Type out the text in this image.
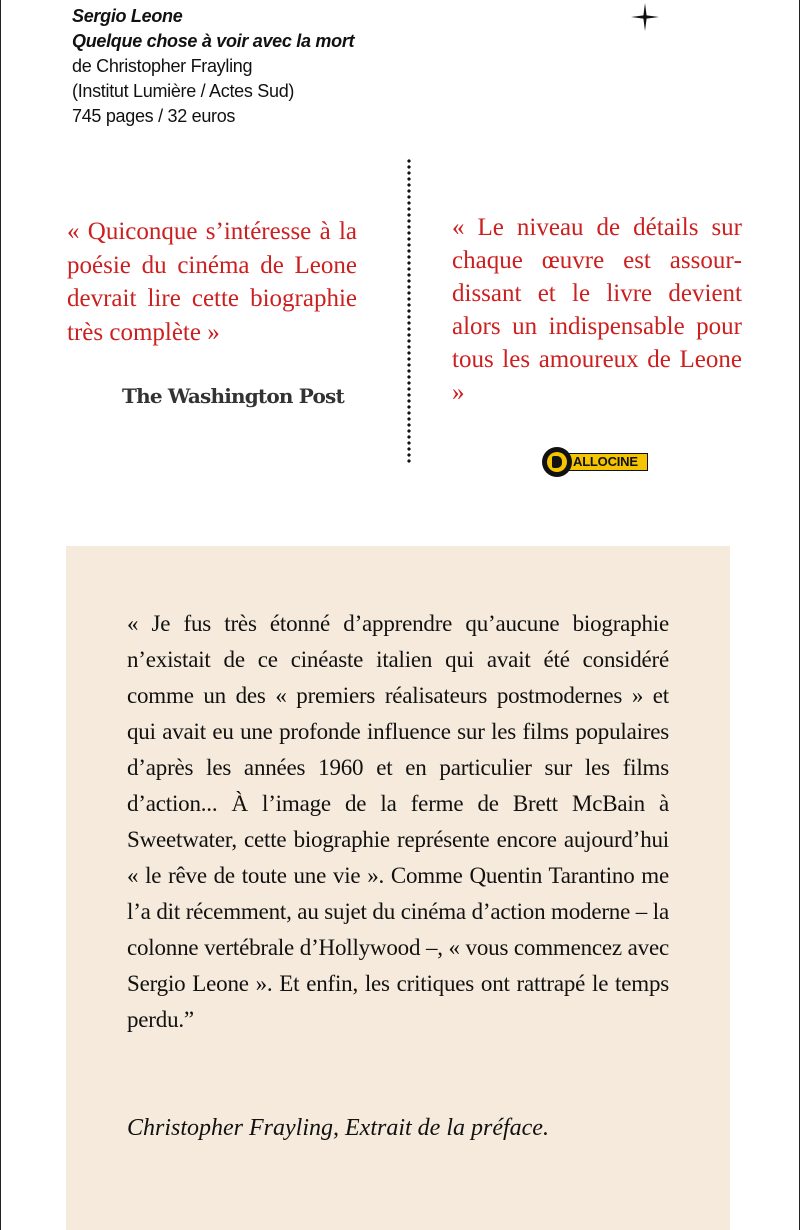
Sergio Leone
Quelque chose à voir avec la mort
de Christopher Frayling
(Institut Lumière / Actes Sud)
745 pages / 32 euros
« Quiconque s’intéresse à la poésie du cinéma de Leone devrait lire cette biographie très complète »
« Le niveau de détails sur chaque œuvre est assourdissant et le livre devient alors un indispensable pour tous les amoureux de Leone »
The Washington Post
ALLOCINE
« Je fus très étonné d’apprendre qu’aucune biographie n’existait de ce cinéaste italien qui avait été considéré comme un des « premiers réalisateurs postmodernes » et qui avait eu une profonde influence sur les films populaires d’après les années 1960 et en particulier sur les films d’action... À l’image de la ferme de Brett McBain à Sweetwater, cette biographie représente encore aujourd’hui « le rêve de toute une vie ». Comme Quentin Tarantino me l’a dit récemment, au sujet du cinéma d’action moderne – la colonne vertébrale d’Hollywood –, « vous commencez avec Sergio Leone ». Et enfin, les critiques ont rattrapé le temps perdu.”
Christopher Frayling, Extrait de la préface.
